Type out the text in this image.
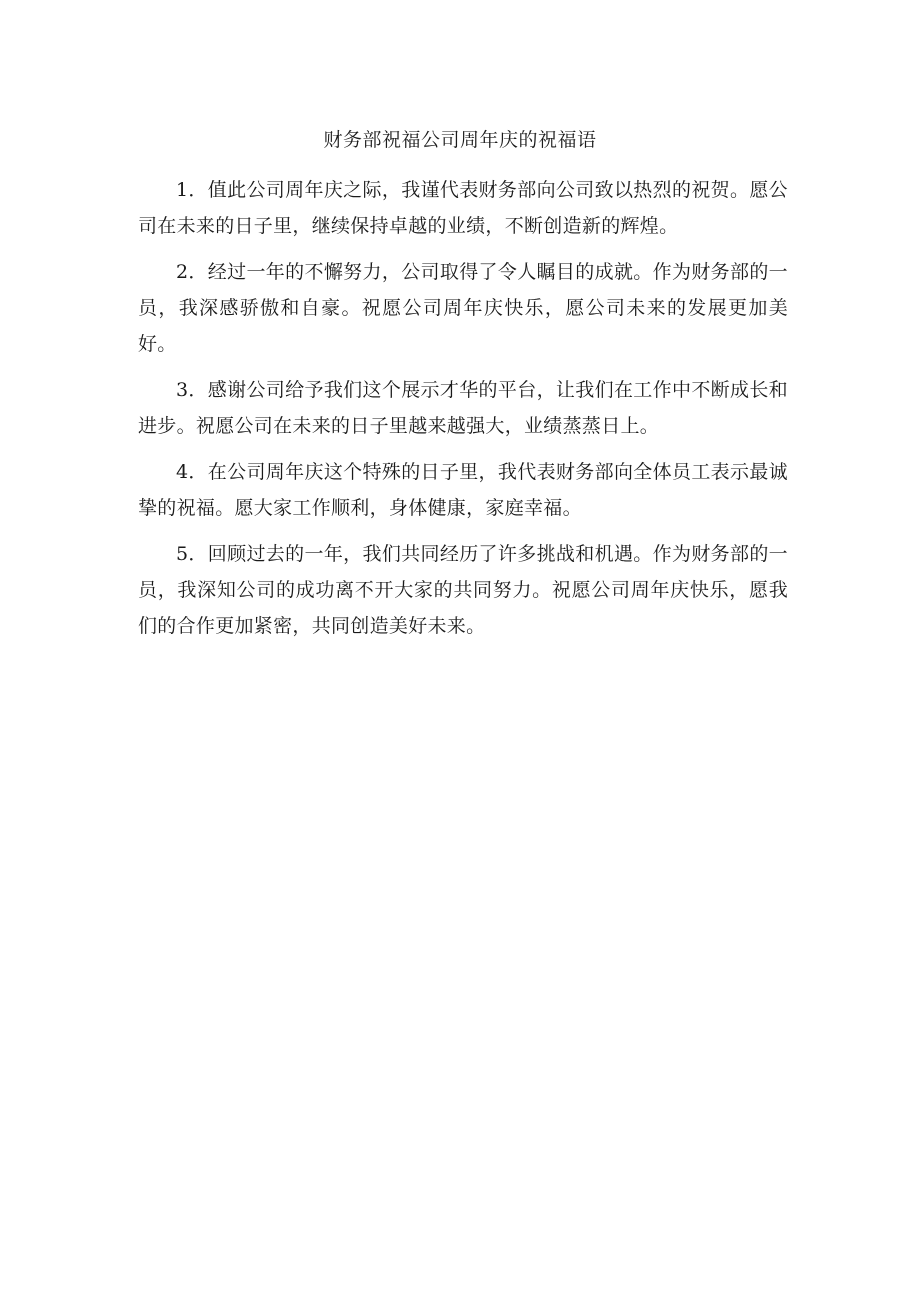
财务部祝福公司周年庆的祝福语

1．值此公司周年庆之际，我谨代表财务部向公司致以热烈的祝贺。愿公司在未来的日子里，继续保持卓越的业绩，不断创造新的辉煌。

2．经过一年的不懈努力，公司取得了令人瞩目的成就。作为财务部的一员，我深感骄傲和自豪。祝愿公司周年庆快乐，愿公司未来的发展更加美好。

3．感谢公司给予我们这个展示才华的平台，让我们在工作中不断成长和进步。祝愿公司在未来的日子里越来越强大，业绩蒸蒸日上。

4．在公司周年庆这个特殊的日子里，我代表财务部向全体员工表示最诚挚的祝福。愿大家工作顺利，身体健康，家庭幸福。

5．回顾过去的一年，我们共同经历了许多挑战和机遇。作为财务部的一员，我深知公司的成功离不开大家的共同努力。祝愿公司周年庆快乐，愿我们的合作更加紧密，共同创造美好未来。
